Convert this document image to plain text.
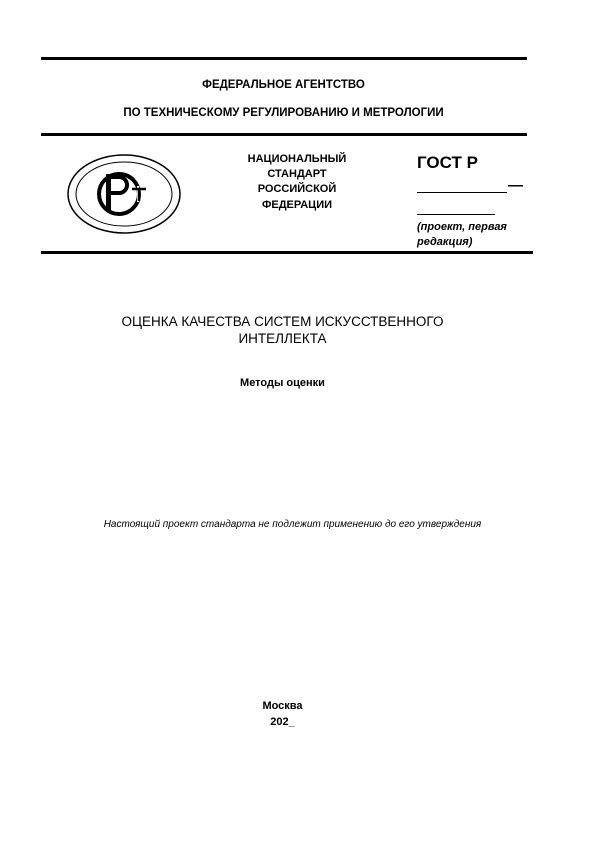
ФЕДЕРАЛЬНОЕ АГЕНТСТВО
ПО ТЕХНИЧЕСКОМУ РЕГУЛИРОВАНИЮ И МЕТРОЛОГИИ
НАЦИОНАЛЬНЫЙ
СТАНДАРТ
РОССИЙСКОЙ
ФЕДЕРАЦИИ
ГОСТ Р
—
(проект, первая
редакция)
ОЦЕНКА КАЧЕСТВА СИСТЕМ ИСКУССТВЕННОГО
ИНТЕЛЛЕКТА
Методы оценки
Настоящий проект стандарта не подлежит применению до его утверждения
Москва
202_
